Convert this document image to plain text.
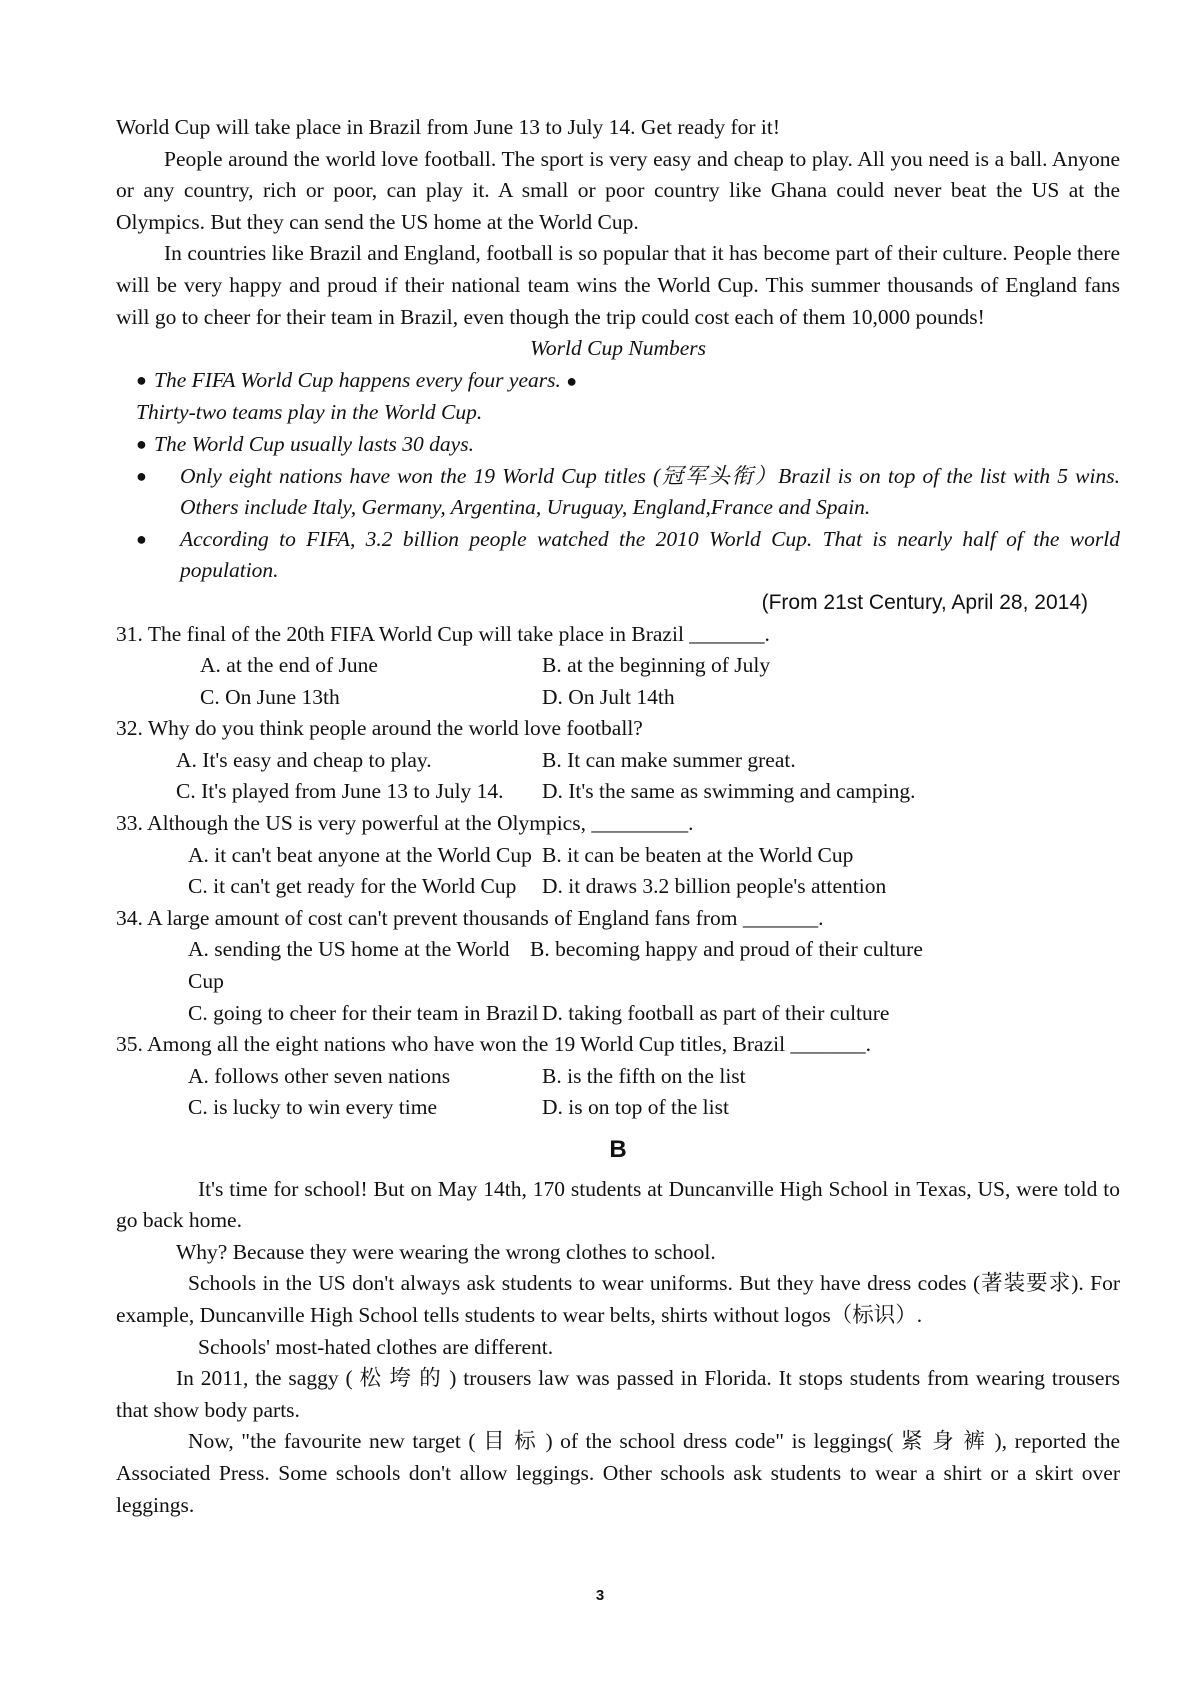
World Cup will take place in Brazil from June 13 to July 14. Get ready for it!

People around the world love football. The sport is very easy and cheap to play. All you need is a ball. Anyone or any country, rich or poor, can play it. A small or poor country like Ghana could never beat the US at the Olympics. But they can send the US home at the World Cup.

In countries like Brazil and England, football is so popular that it has become part of their culture. People there will be very happy and proud if their national team wins the World Cup. This summer thousands of England fans will go to cheer for their team in Brazil, even though the trip could cost each of them 10,000 pounds!

World Cup Numbers

● The FIFA World Cup happens every four years. ●

Thirty-two teams play in the World Cup.

● The World Cup usually lasts 30 days.

● Only eight nations have won the 19 World Cup titles (冠军头衔）Brazil is on top of the list with 5 wins. Others include Italy, Germany, Argentina, Uruguay, England,France and Spain.

● According to FIFA, 3.2 billion people watched the 2010 World Cup. That is nearly half of the world population.

(From 21st Century, April 28, 2014)

31. The final of the 20th FIFA World Cup will take place in Brazil _______.

A. at the end of June	B. at the beginning of July
C. On June 13th	D. On Jult 14th

32. Why do you think people around the world love football?

A. It's easy and cheap to play.	B. It can make summer great.
C. It's played from June 13 to July 14.	D. It's the same as swimming and camping.

33. Although the US is very powerful at the Olympics, _________.

A. it can't beat anyone at the World Cup B. it can be beaten at the World Cup
C. it can't get ready for the World Cup	D. it draws 3.2 billion people's attention

34. A large amount of cost can't prevent thousands of England fans from _______.

A. sending the US home at the World Cup
B. becoming happy and proud of their culture
C. going to cheer for their team in Brazil D. taking football as part of their culture

35. Among all the eight nations who have won the 19 World Cup titles, Brazil _______.

A. follows other seven nations	B. is the fifth on the list
C. is lucky to win every time	D. is on top of the list
B

It's time for school! But on May 14th, 170 students at Duncanville High School in Texas, US, were told to go back home.

Why? Because they were wearing the wrong clothes to school.

Schools in the US don't always ask students to wear uniforms. But they have dress codes (著装要求). For example, Duncanville High School tells students to wear belts, shirts without logos（标识）.

Schools' most-hated clothes are different.

In 2011, the saggy ( 松 垮 的 ) trousers law was passed in Florida. It stops students from wearing trousers that show body parts.

Now, "the favourite new target ( 目 标 ) of the school dress code" is leggings( 紧 身 裤 ), reported the Associated Press. Some schools don't allow leggings. Other schools ask students to wear a shirt or a skirt over leggings.

3
